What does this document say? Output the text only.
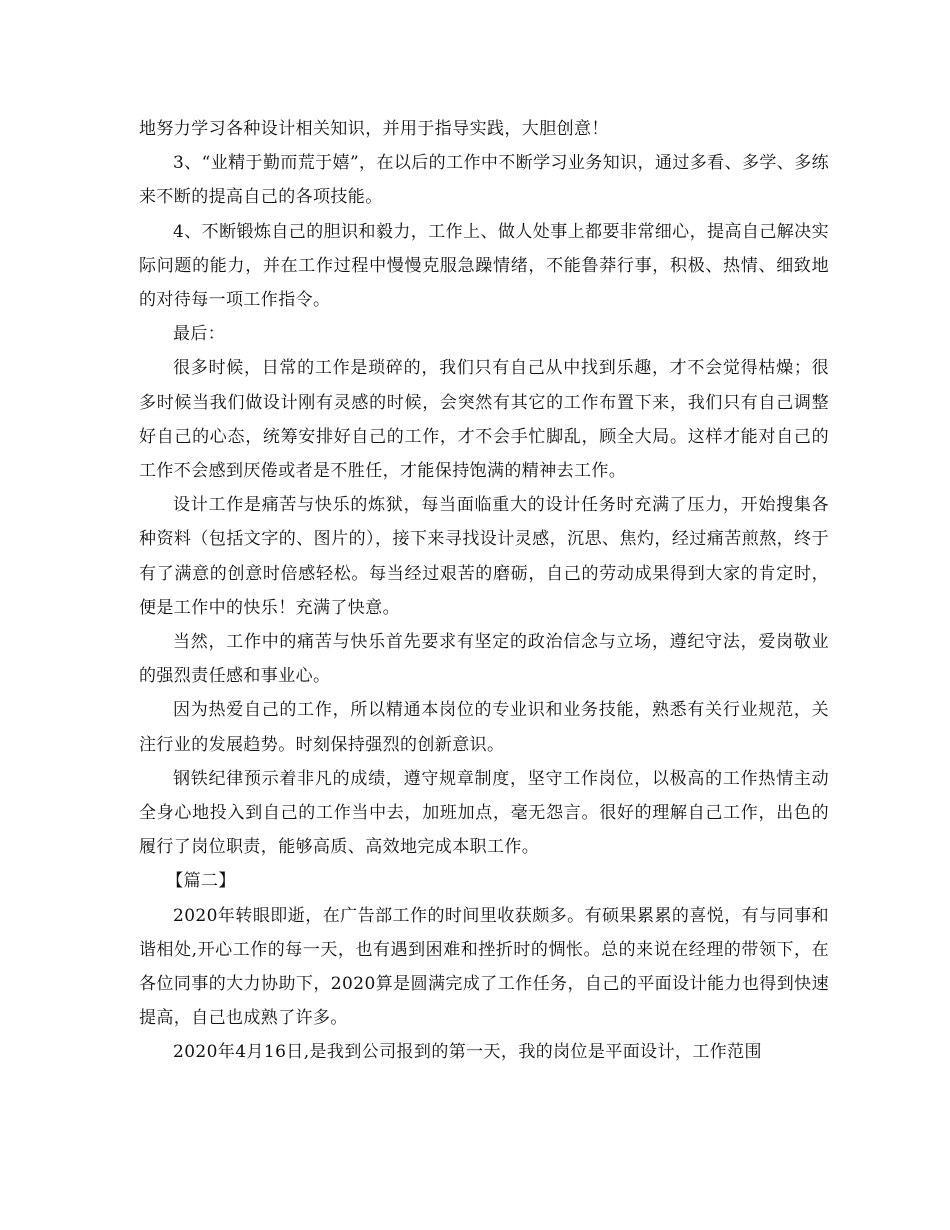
地努力学习各种设计相关知识，并用于指导实践，大胆创意！

3、“业精于勤而荒于嬉”，在以后的工作中不断学习业务知识，通过多看、多学、多练来不断的提高自己的各项技能。

4、不断锻炼自己的胆识和毅力，工作上、做人处事上都要非常细心，提高自己解决实际问题的能力，并在工作过程中慢慢克服急躁情绪，不能鲁莽行事，积极、热情、细致地的对待每一项工作指令。

最后：

很多时候，日常的工作是琐碎的，我们只有自己从中找到乐趣，才不会觉得枯燥；很多时候当我们做设计刚有灵感的时候，会突然有其它的工作布置下来，我们只有自己调整好自己的心态，统筹安排好自己的工作，才不会手忙脚乱，顾全大局。这样才能对自己的工作不会感到厌倦或者是不胜任，才能保持饱满的精神去工作。

设计工作是痛苦与快乐的炼狱，每当面临重大的设计任务时充满了压力，开始搜集各种资料（包括文字的、图片的），接下来寻找设计灵感，沉思、焦灼，经过痛苦煎熬，终于有了满意的创意时倍感轻松。每当经过艰苦的磨砺，自己的劳动成果得到大家的肯定时，便是工作中的快乐！充满了快意。

当然，工作中的痛苦与快乐首先要求有坚定的政治信念与立场，遵纪守法，爱岗敬业的强烈责任感和事业心。

因为热爱自己的工作，所以精通本岗位的专业识和业务技能，熟悉有关行业规范，关注行业的发展趋势。时刻保持强烈的创新意识。

钢铁纪律预示着非凡的成绩，遵守规章制度，坚守工作岗位，以极高的工作热情主动全身心地投入到自己的工作当中去，加班加点，毫无怨言。很好的理解自己工作，出色的履行了岗位职责，能够高质、高效地完成本职工作。

【篇二】

2020年转眼即逝，在广告部工作的时间里收获颇多。有硕果累累的喜悦，有与同事和谐相处,开心工作的每一天，也有遇到困难和挫折时的惆怅。总的来说在经理的带领下，在各位同事的大力协助下，2020算是圆满完成了工作任务，自己的平面设计能力也得到快速提高，自己也成熟了许多。

2020年4月16日,是我到公司报到的第一天，我的岗位是平面设计，工作范围
